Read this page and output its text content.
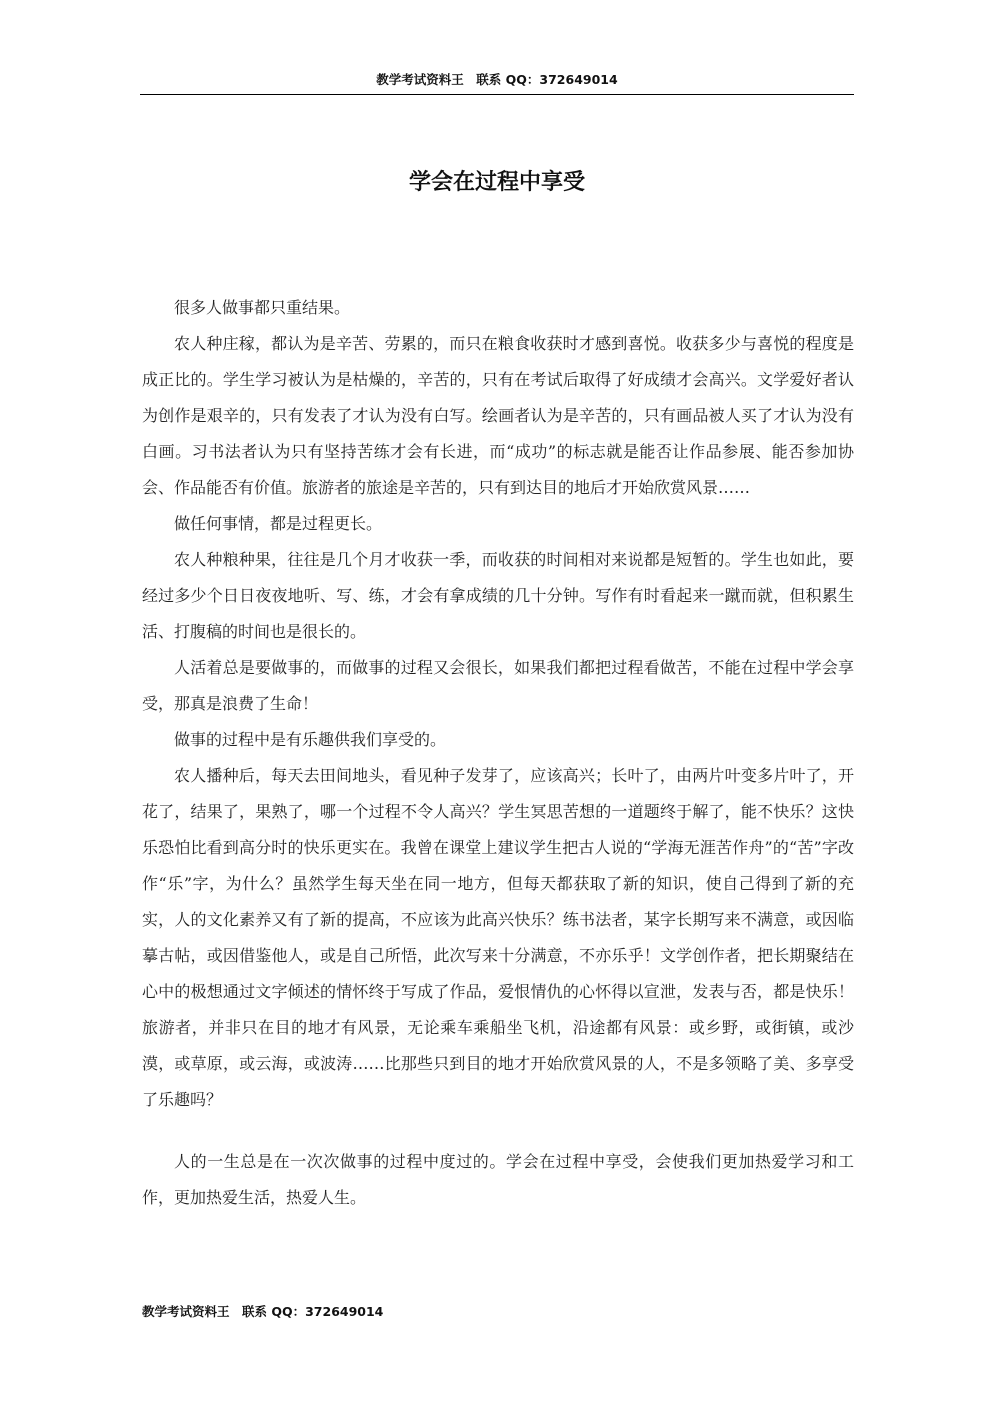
教学考试资料王　联系 QQ：372649014
学会在过程中享受

很多人做事都只重结果。

农人种庄稼，都认为是辛苦、劳累的，而只在粮食收获时才感到喜悦。收获多少与喜悦的程度是成正比的。学生学习被认为是枯燥的，辛苦的，只有在考试后取得了好成绩才会高兴。文学爱好者认为创作是艰辛的，只有发表了才认为没有白写。绘画者认为是辛苦的，只有画品被人买了才认为没有白画。习书法者认为只有坚持苦练才会有长进，而“成功”的标志就是能否让作品参展、能否参加协会、作品能否有价值。旅游者的旅途是辛苦的，只有到达目的地后才开始欣赏风景……

做任何事情，都是过程更长。

农人种粮种果，往往是几个月才收获一季，而收获的时间相对来说都是短暂的。学生也如此，要经过多少个日日夜夜地听、写、练，才会有拿成绩的几十分钟。写作有时看起来一蹴而就，但积累生活、打腹稿的时间也是很长的。

人活着总是要做事的，而做事的过程又会很长，如果我们都把过程看做苦，不能在过程中学会享受，那真是浪费了生命！

做事的过程中是有乐趣供我们享受的。

农人播种后，每天去田间地头，看见种子发芽了，应该高兴；长叶了，由两片叶变多片叶了，开花了，结果了，果熟了，哪一个过程不令人高兴？学生冥思苦想的一道题终于解了，能不快乐？这快乐恐怕比看到高分时的快乐更实在。我曾在课堂上建议学生把古人说的“学海无涯苦作舟”的“苦”字改作“乐”字，为什么？虽然学生每天坐在同一地方，但每天都获取了新的知识，使自己得到了新的充实，人的文化素养又有了新的提高，不应该为此高兴快乐？练书法者，某字长期写来不满意，或因临摹古帖，或因借鉴他人，或是自己所悟，此次写来十分满意，不亦乐乎！文学创作者，把长期聚结在心中的极想通过文字倾述的情怀终于写成了作品，爱恨情仇的心怀得以宣泄，发表与否，都是快乐！旅游者，并非只在目的地才有风景，无论乘车乘船坐飞机，沿途都有风景：或乡野，或街镇，或沙漠，或草原，或云海，或波涛……比那些只到目的地才开始欣赏风景的人，不是多领略了美、多享受了乐趣吗？

人的一生总是在一次次做事的过程中度过的。学会在过程中享受，会使我们更加热爱学习和工作，更加热爱生活，热爱人生。

教学考试资料王　联系 QQ：372649014
